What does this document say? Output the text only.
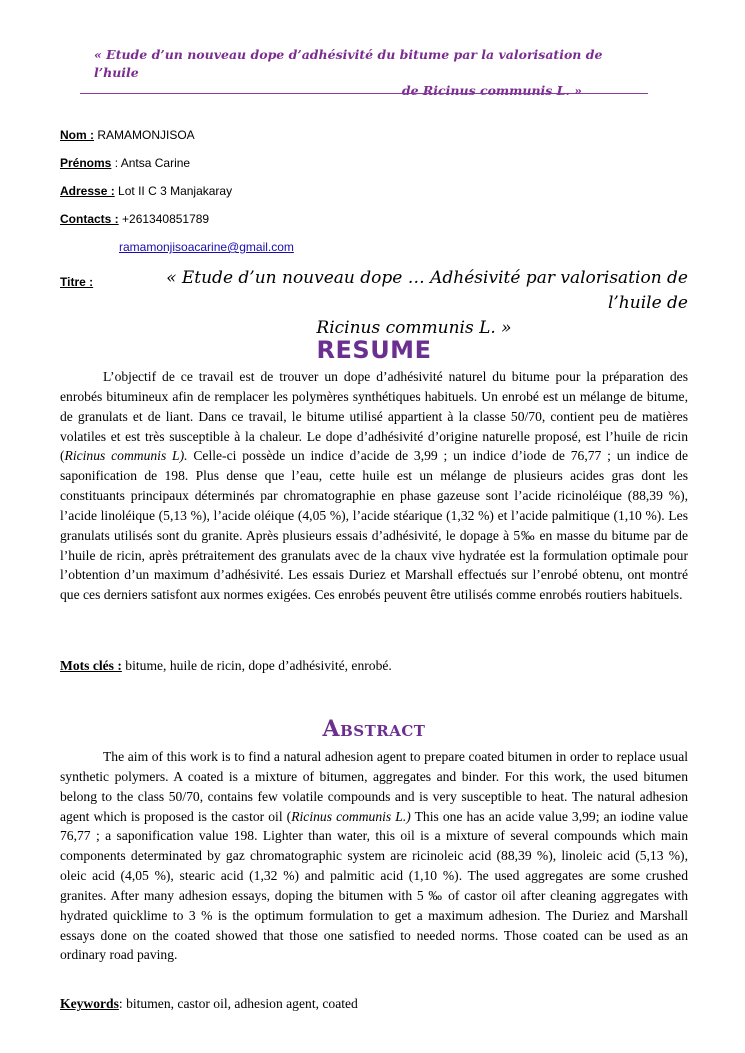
« Etude d’un nouveau dope d’adhésivité du bitume par la valorisation de l’huile
de Ricinus communis L. »
Nom : RAMAMONJISOA
Prénoms : Antsa Carine
Adresse : Lot II C 3 Manjakaray
Contacts : +261340851789
ramamonjisoacarine@gmail.com
Titre :	« Etude d’un nouveau dope … Adhésivité par valorisation de l’huile de
Ricinus communis L. »
RESUME

L’objectif de ce travail est de trouver un dope d’adhésivité naturel du bitume pour la préparation des enrobés bitumineux afin de remplacer les polymères synthétiques habituels. Un enrobé est un mélange de bitume, de granulats et de liant. Dans ce travail, le bitume utilisé appartient à la classe 50/70, contient peu de matières volatiles et est très susceptible à la chaleur. Le dope d’adhésivité d’origine naturelle proposé, est l’huile de ricin (Ricinus communis L). Celle-ci possède un indice d’acide de 3,99 ; un indice d’iode de 76,77 ; un indice de saponification de 198. Plus dense que l’eau, cette huile est un mélange de plusieurs acides gras dont les constituants principaux déterminés par chromatographie en phase gazeuse sont l’acide ricinoléique (88,39 %), l’acide linoléique (5,13 %), l’acide oléique (4,05 %), l’acide stéarique (1,32 %) et l’acide palmitique (1,10 %). Les granulats utilisés sont du granite. Après plusieurs essais d’adhésivité, le dopage à 5‰ en masse du bitume par de l’huile de ricin, après prétraitement des granulats avec de la chaux vive hydratée est la formulation optimale pour l’obtention d’un maximum d’adhésivité. Les essais Duriez et Marshall effectués sur l’enrobé obtenu, ont montré que ces derniers satisfont aux normes exigées. Ces enrobés peuvent être utilisés comme enrobés routiers habituels.

Mots clés : bitume, huile de ricin, dope d’adhésivité, enrobé.
Abstract

The aim of this work is to find a natural adhesion agent to prepare coated bitumen in order to replace usual synthetic polymers. A coated is a mixture of bitumen, aggregates and binder. For this work, the used bitumen belong to the class 50/70, contains few volatile compounds and is very susceptible to heat. The natural adhesion agent which is proposed is the castor oil (Ricinus communis L.) This one has an acide value 3,99; an iodine value 76,77 ; a saponification value 198. Lighter than water, this oil is a mixture of several compounds which main components determinated by gaz chromatographic system are ricinoleic acid (88,39 %), linoleic acid (5,13 %), oleic acid (4,05 %), stearic acid (1,32 %) and palmitic acid (1,10 %). The used aggregates are some crushed granites. After many adhesion essays, doping the bitumen with 5 ‰ of castor oil after cleaning aggregates with hydrated quicklime to 3 % is the optimum formulation to get a maximum adhesion. The Duriez and Marshall essays done on the coated showed that those one satisfied to needed norms. Those coated can be used as an ordinary road paving.

Keywords: bitumen, castor oil, adhesion agent, coated
